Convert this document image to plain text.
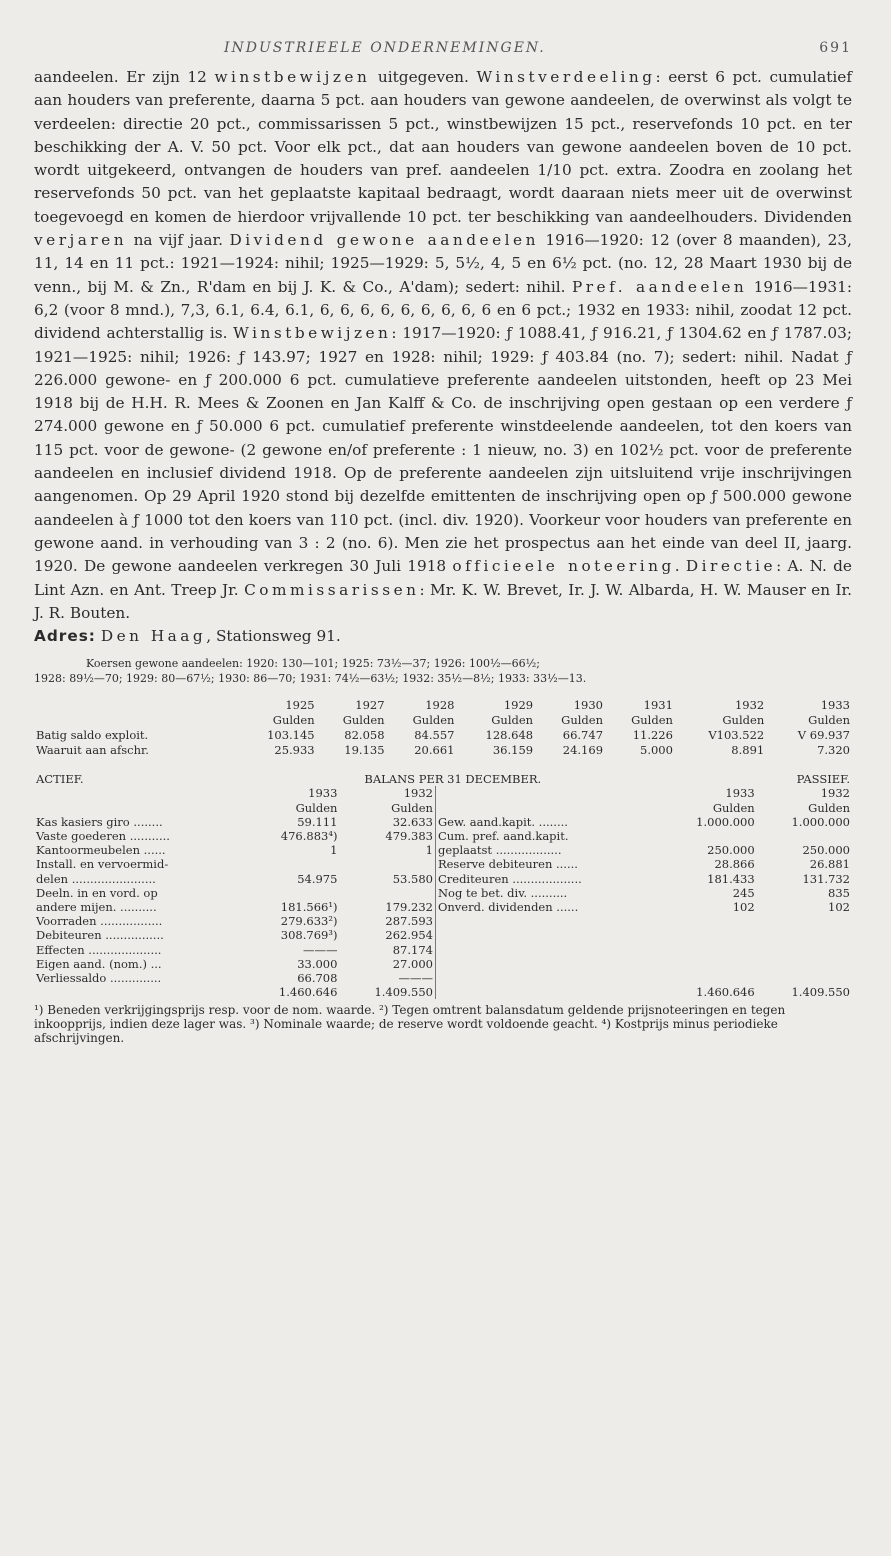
INDUSTRIEELE ONDERNEMINGEN.	691

aandeelen. Er zijn 12 winstbewijzen uitgegeven. Winstverdeeling: eerst 6 pct. cumulatief aan houders van preferente, daarna 5 pct. aan houders van gewone aandeelen, de overwinst als volgt te verdeelen: directie 20 pct., commissarissen 5 pct., winstbewijzen 15 pct., reservefonds 10 pct. en ter beschikking der A. V. 50 pct. Voor elk pct., dat aan houders van gewone aandeelen boven de 10 pct. wordt uitgekeerd, ontvangen de houders van pref. aandeelen 1/10 pct. extra. Zoodra en zoolang het reservefonds 50 pct. van het geplaatste kapitaal bedraagt, wordt daaraan niets meer uit de overwinst toegevoegd en komen de hierdoor vrijvallende 10 pct. ter beschikking van aandeelhouders. Dividenden verjaren na vijf jaar. Dividend gewone aandeelen 1916—1920: 12 (over 8 maanden), 23, 11, 14 en 11 pct.: 1921—1924: nihil; 1925—1929: 5, 5½, 4, 5 en 6½ pct. (no. 12, 28 Maart 1930 bij de venn., bij M. & Zn., R'dam en bij J. K. & Co., A'dam); sedert: nihil. Pref. aandeelen 1916—1931: 6,2 (voor 8 mnd.), 7,3, 6.1, 6.4, 6.1, 6, 6, 6, 6, 6, 6, 6, 6, 6 en 6 pct.; 1932 en 1933: nihil, zoodat 12 pct. dividend achterstallig is. Winstbewijzen: 1917—1920: ƒ 1088.41, ƒ 916.21, ƒ 1304.62 en ƒ 1787.03; 1921—1925: nihil; 1926: ƒ 143.97; 1927 en 1928: nihil; 1929: ƒ 403.84 (no. 7); sedert: nihil. Nadat ƒ 226.000 gewone- en ƒ 200.000 6 pct. cumulatieve preferente aandeelen uitstonden, heeft op 23 Mei 1918 bij de H.H. R. Mees & Zoonen en Jan Kalff & Co. de inschrijving open gestaan op een verdere ƒ 274.000 gewone en ƒ 50.000 6 pct. cumulatief preferente winstdeelende aandeelen, tot den koers van 115 pct. voor de gewone- (2 gewone en/of preferente : 1 nieuw, no. 3) en 102½ pct. voor de preferente aandeelen en inclusief dividend 1918. Op de preferente aandeelen zijn uitsluitend vrije inschrijvingen aangenomen. Op 29 April 1920 stond bij dezelfde emittenten de inschrijving open op ƒ 500.000 gewone aandeelen à ƒ 1000 tot den koers van 110 pct. (incl. div. 1920). Voorkeur voor houders van preferente en gewone aand. in verhouding van 3 : 2 (no. 6). Men zie het prospectus aan het einde van deel II, jaarg. 1920. De gewone aandeelen verkregen 30 Juli 1918 officieele noteering. Directie: A. N. de Lint Azn. en Ant. Treep Jr. Commissarissen: Mr. K. W. Brevet, Ir. J. W. Albarda, H. W. Mauser en Ir. J. R. Bouten.

Adres: Den Haag, Stationsweg 91.
Koersen gewone aandeelen: 1920: 130—101; 1925: 73½—37; 1926: 100½—66½;
1928: 89½—70; 1929: 80—67½; 1930: 86—70; 1931: 74½—63½; 1932: 35½—8½; 1933: 33½—13.
	1925	1927	1928	1929	1930	1931	1932	1933
	Gulden	Gulden	Gulden	Gulden	Gulden	Gulden	Gulden	Gulden
Batig saldo exploit.	103.145	82.058	84.557	128.648	66.747	11.226	V103.522	V 69.937
Waaruit aan afschr.	25.933	19.135	20.661	36.159	24.169	5.000	8.891	7.320
ACTIEF.	BALANS PER 31 DECEMBER.			PASSIEF.	
	1933	1932		1933	1932
	Gulden	Gulden		Gulden	Gulden
Kas kasiers giro ........	59.111	32.633	Gew. aand.kapit. ........	1.000.000	1.000.000
Vaste goederen ...........	476.883⁴)	479.383	Cum. pref. aand.kapit.		
Kantoormeubelen ......	1	1	geplaatst ..................	250.000	250.000
Install. en vervoermid-			Reserve debiteuren ......	28.866	26.881
delen .......................	54.975	53.580	Crediteuren ...................	181.433	131.732
Deeln. in en vord. op			Nog te bet. div. ..........	245	835
andere mijen. ..........	181.566¹)	179.232	Onverd. dividenden ......	102	102
Voorraden .................	279.633²)	287.593			
Debiteuren ................	308.769³)	262.954			
Effecten ....................	———	87.174			
Eigen aand. (nom.) ...	33.000	27.000			
Verliessaldo ..............	66.708	———			
	1.460.646	1.409.550		1.460.646	1.409.550
¹) Beneden verkrijgingsprijs resp. voor de nom. waarde. ²) Tegen omtrent balansdatum geldende prijsnoteeringen en tegen inkoopprijs, indien deze lager was. ³) Nominale waarde; de reserve wordt voldoende geacht. ⁴) Kostprijs minus periodieke afschrijvingen.
